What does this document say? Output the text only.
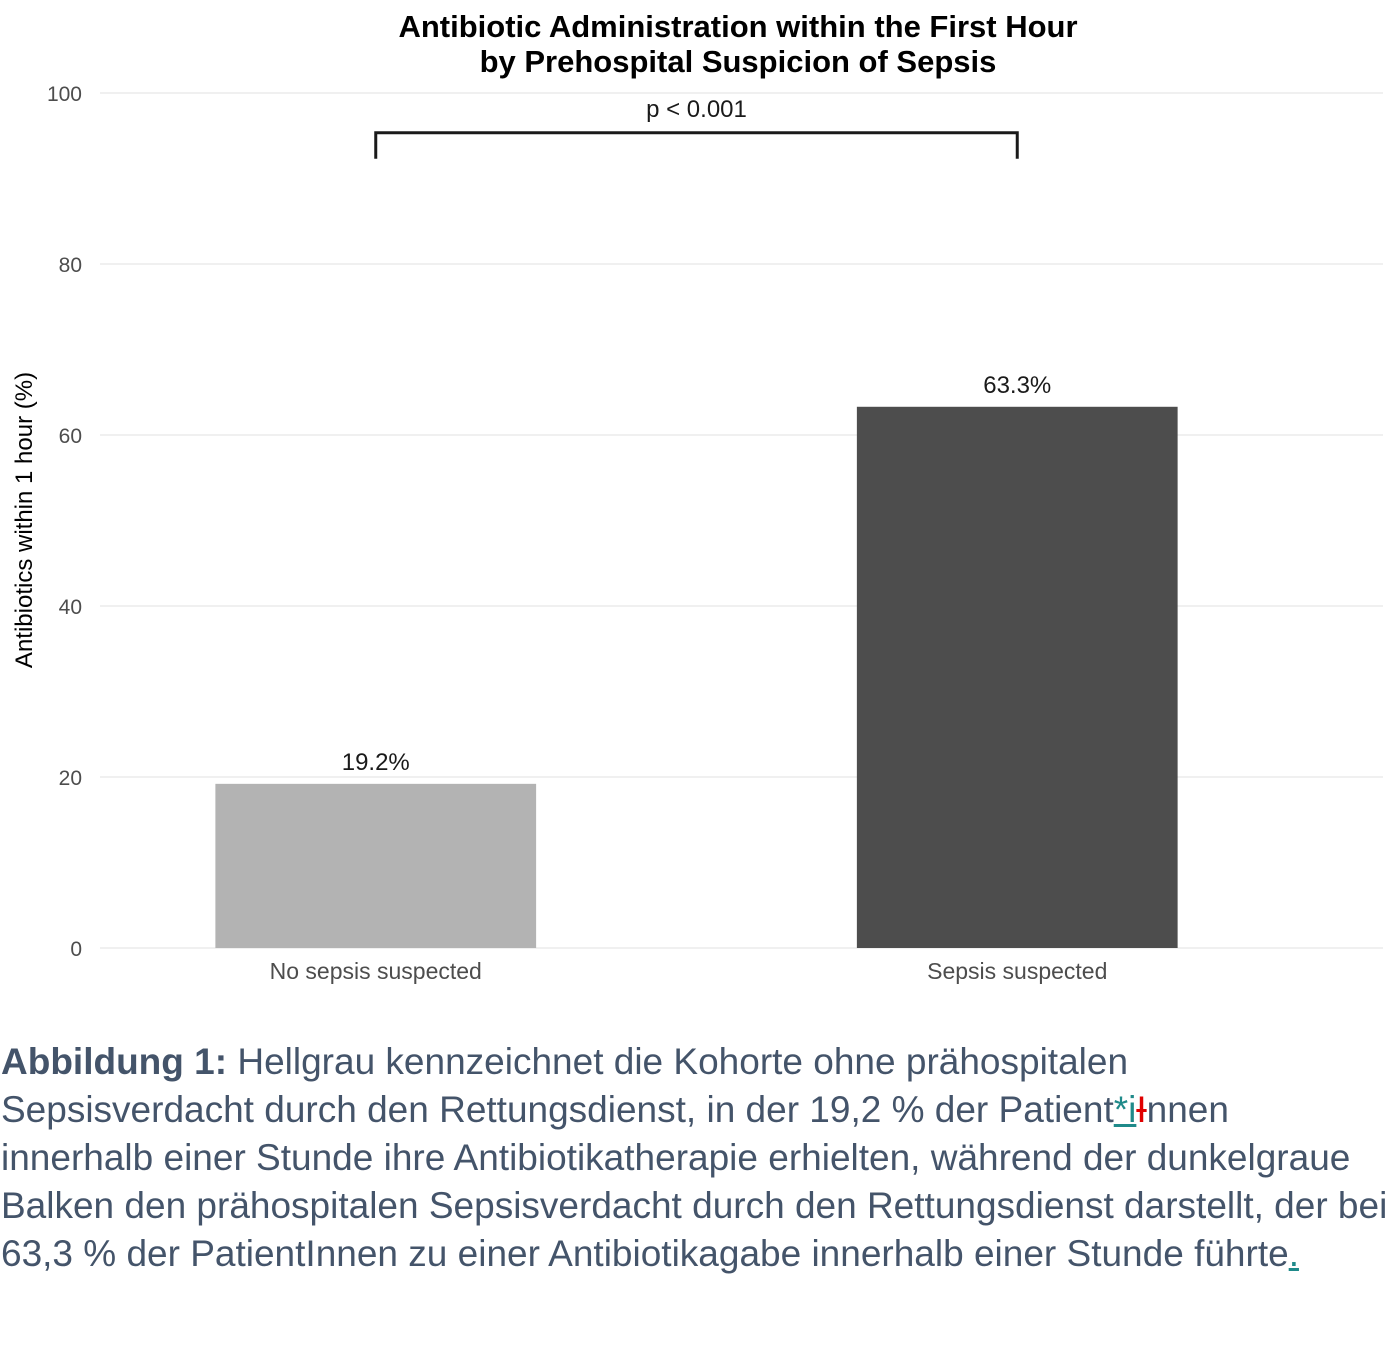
Antibiotic Administration within the First Hour
by Prehospital Suspicion of Sepsis
0
20
40
60
80
100
Antibiotics within 1 hour (%)
19.2%
No sepsis suspected
63.3%
Sepsis suspected
p < 0.001
Abbildung 1: Hellgrau kennzeichnet die Kohorte ohne prähospitalen Sepsisverdacht durch den Rettungsdienst, in der 19,2 % der Patient*iInnen innerhalb einer Stunde ihre Antibiotikatherapie erhielten, während der dunkelgraue Balken den prähospitalen Sepsisverdacht durch den Rettungsdienst darstellt, der bei 63,3 % der PatientInnen zu einer Antibiotikagabe innerhalb einer Stunde führte.
